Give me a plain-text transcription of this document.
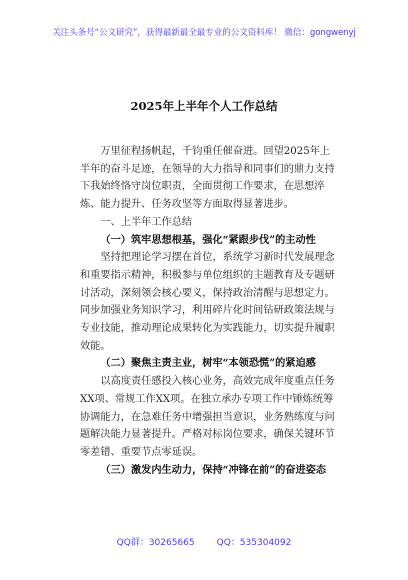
关注头条号“公文研究”，获得最新最全最专业的公文资料库！ 微信：gongwenyj
2025年上半年个人工作总结

万里征程扬帆起，千钧重任催奋进。回望2025年上半年的奋斗足迹，在领导的大力指导和同事们的鼎力支持下我始终恪守岗位职责，全面贯彻工作要求，在思想淬炼、能力提升、任务攻坚等方面取得显著进步。

一、上半年工作总结

（一）筑牢思想根基，强化“紧跟步伐”的主动性

坚持把理论学习摆在首位，系统学习新时代发展理念和重要指示精神，积极参与单位组织的主题教育及专题研讨活动，深刻领会核心要义，保持政治清醒与思想定力。同步加强业务知识学习，利用碎片化时间钻研政策法规与专业技能，推动理论成果转化为实践能力，切实提升履职效能。

（二）聚焦主责主业，树牢“本领恐慌”的紧迫感

以高度责任感投入核心业务，高效完成年度重点任务XX项、常规工作XX项。在独立承办专项工作中锤炼统筹协调能力，在急难任务中增强担当意识，业务熟练度与问题解决能力显著提升。严格对标岗位要求，确保关键环节零差错、重要节点零延误。

（三）激发内生动力，保持“冲锋在前”的奋进姿态

QQ群：30265665 QQ：535304092
